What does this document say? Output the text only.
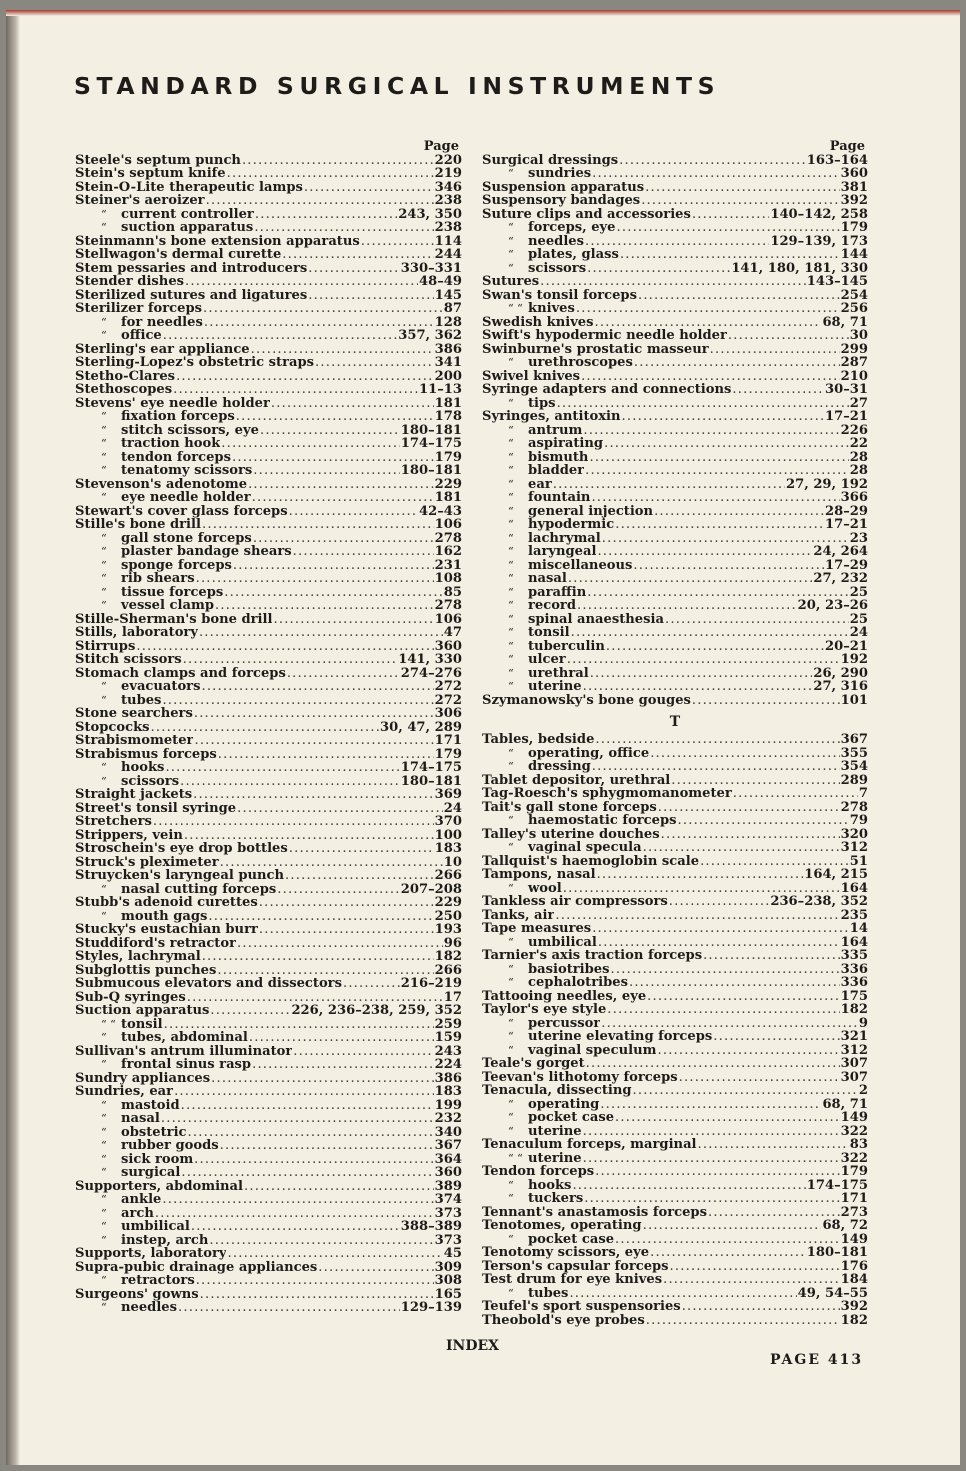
STANDARD SURGICAL INSTRUMENTS
Page
Steele's septum punch .....	220
Stein's septum knife .....	219
Stein-O-Lite therapeutic lamps .....	346
Steiner's aeroizer .....	238
“ current controller .....	243, 350
“ suction apparatus .....	238
Steinmann's bone extension apparatus .....	114
Stellwagon's dermal curette .....	244
Stem pessaries and introducers .....	330–331
Stender dishes .....	48–49
Sterilized sutures and ligatures .....	145
Sterilizer forceps .....	87
“ for needles .....	128
“ office .....	357, 362
Sterling's ear appliance .....	386
Sterling-Lopez's obstetric straps .....	341
Stetho-Clares .....	200
Stethoscopes .....	11–13
Stevens' eye needle holder .....	181
“ fixation forceps .....	178
“ stitch scissors, eye .....	180–181
“ traction hook .....	174–175
“ tendon forceps .....	179
“ tenatomy scissors .....	180–181
Stevenson's adenotome .....	229
“ eye needle holder .....	181
Stewart's cover glass forceps .....	42–43
Stille's bone drill .....	106
“ gall stone forceps .....	278
“ plaster bandage shears .....	162
“ sponge forceps .....	231
“ rib shears .....	108
“ tissue forceps .....	85
“ vessel clamp .....	278
Stille-Sherman's bone drill .....	106
Stills, laboratory .....	47
Stirrups .....	360
Stitch scissors .....	141, 330
Stomach clamps and forceps .....	274–276
“ evacuators .....	272
“ tubes .....	272
Stone searchers .....	306
Stopcocks .....	30, 47, 289
Strabismometer .....	171
Strabismus forceps .....	179
“ hooks .....	174–175
“ scissors .....	180–181
Straight jackets .....	369
Street's tonsil syringe .....	24
Stretchers .....	370
Strippers, vein .....	100
Stroschein's eye drop bottles .....	183
Struck's pleximeter .....	10
Struycken's laryngeal punch .....	266
“ nasal cutting forceps .....	207–208
Stubb's adenoid curettes .....	229
“ mouth gags .....	250
Stucky's eustachian burr .....	193
Studdiford's retractor .....	96
Styles, lachrymal .....	182
Subglottis punches .....	266
Submucous elevators and dissectors .....	216–219
Sub-Q syringes .....	17
Suction apparatus .....	226, 236–238, 259, 352
“ “ tonsil .....	259
“ tubes, abdominal .....	159
Sullivan's antrum illuminator .....	243
“ frontal sinus rasp .....	224
Sundry appliances .....	386
Sundries, ear .....	183
“ mastoid .....	199
“ nasal .....	232
“ obstetric .....	340
“ rubber goods .....	367
“ sick room .....	364
“ surgical .....	360
Supporters, abdominal .....	389
“ ankle .....	374
“ arch .....	373
“ umbilical .....	388–389
“ instep, arch .....	373
Supports, laboratory .....	45
Supra-pubic drainage appliances .....	309
“ retractors .....	308
Surgeons' gowns .....	165
“ needles .....	129–139
Page
Surgical dressings .....	163–164
“ sundries .....	360
Suspension apparatus .....	381
Suspensory bandages .....	392
Suture clips and accessories .....	140–142, 258
“ forceps, eye .....	179
“ needles .....	129–139, 173
“ plates, glass .....	144
“ scissors .....	141, 180, 181, 330
Sutures .....	143–145
Swan's tonsil forceps .....	254
“ “ knives .....	256
Swedish knives .....	68, 71
Swift's hypodermic needle holder .....	30
Swinburne's prostatic masseur .....	299
“ urethroscopes .....	287
Swivel knives .....	210
Syringe adapters and connections .....	30–31
“ tips .....	27
Syringes, antitoxin .....	17–21
“ antrum .....	226
“ aspirating .....	22
“ bismuth .....	28
“ bladder .....	28
“ ear .....	27, 29, 192
“ fountain .....	366
“ general injection .....	28–29
“ hypodermic .....	17–21
“ lachrymal .....	23
“ laryngeal .....	24, 264
“ miscellaneous .....	17–29
“ nasal .....	27, 232
“ paraffin .....	25
“ record .....	20, 23–26
“ spinal anaesthesia .....	25
“ tonsil .....	24
“ tuberculin .....	20–21
“ ulcer .....	192
“ urethral .....	26, 290
“ uterine .....	27, 316
Szymanowsky's bone gouges .....	101
T
Tables, bedside .....	367
“ operating, office .....	355
“ dressing .....	354
Tablet depositor, urethral .....	289
Tag-Roesch's sphygmomanometer .....	7
Tait's gall stone forceps .....	278
“ haemostatic forceps .....	79
Talley's uterine douches .....	320
“ vaginal specula .....	312
Tallquist's haemoglobin scale .....	51
Tampons, nasal .....	164, 215
“ wool .....	164
Tankless air compressors .....	236–238, 352
Tanks, air .....	235
Tape measures .....	14
“ umbilical .....	164
Tarnier's axis traction forceps .....	335
“ basiotribes .....	336
“ cephalotribes .....	336
Tattooing needles, eye .....	175
Taylor's eye style .....	182
“ percussor .....	9
“ uterine elevating forceps .....	321
“ vaginal speculum .....	312
Teale's gorget .....	307
Teevan's lithotomy forceps .....	307
Tenacula, dissecting .....	2
“ operating .....	68, 71
“ pocket case .....	149
“ uterine .....	322
Tenaculum forceps, marginal .....	83
“ “ uterine .....	322
Tendon forceps .....	179
“ hooks .....	174–175
“ tuckers .....	171
Tennant's anastamosis forceps .....	273
Tenotomes, operating .....	68, 72
“ pocket case .....	149
Tenotomy scissors, eye .....	180–181
Terson's capsular forceps .....	176
Test drum for eye knives .....	184
“ tubes .....	49, 54–55
Teufel's sport suspensories .....	392
Theobold's eye probes .....	182
INDEX
PAGE 413
